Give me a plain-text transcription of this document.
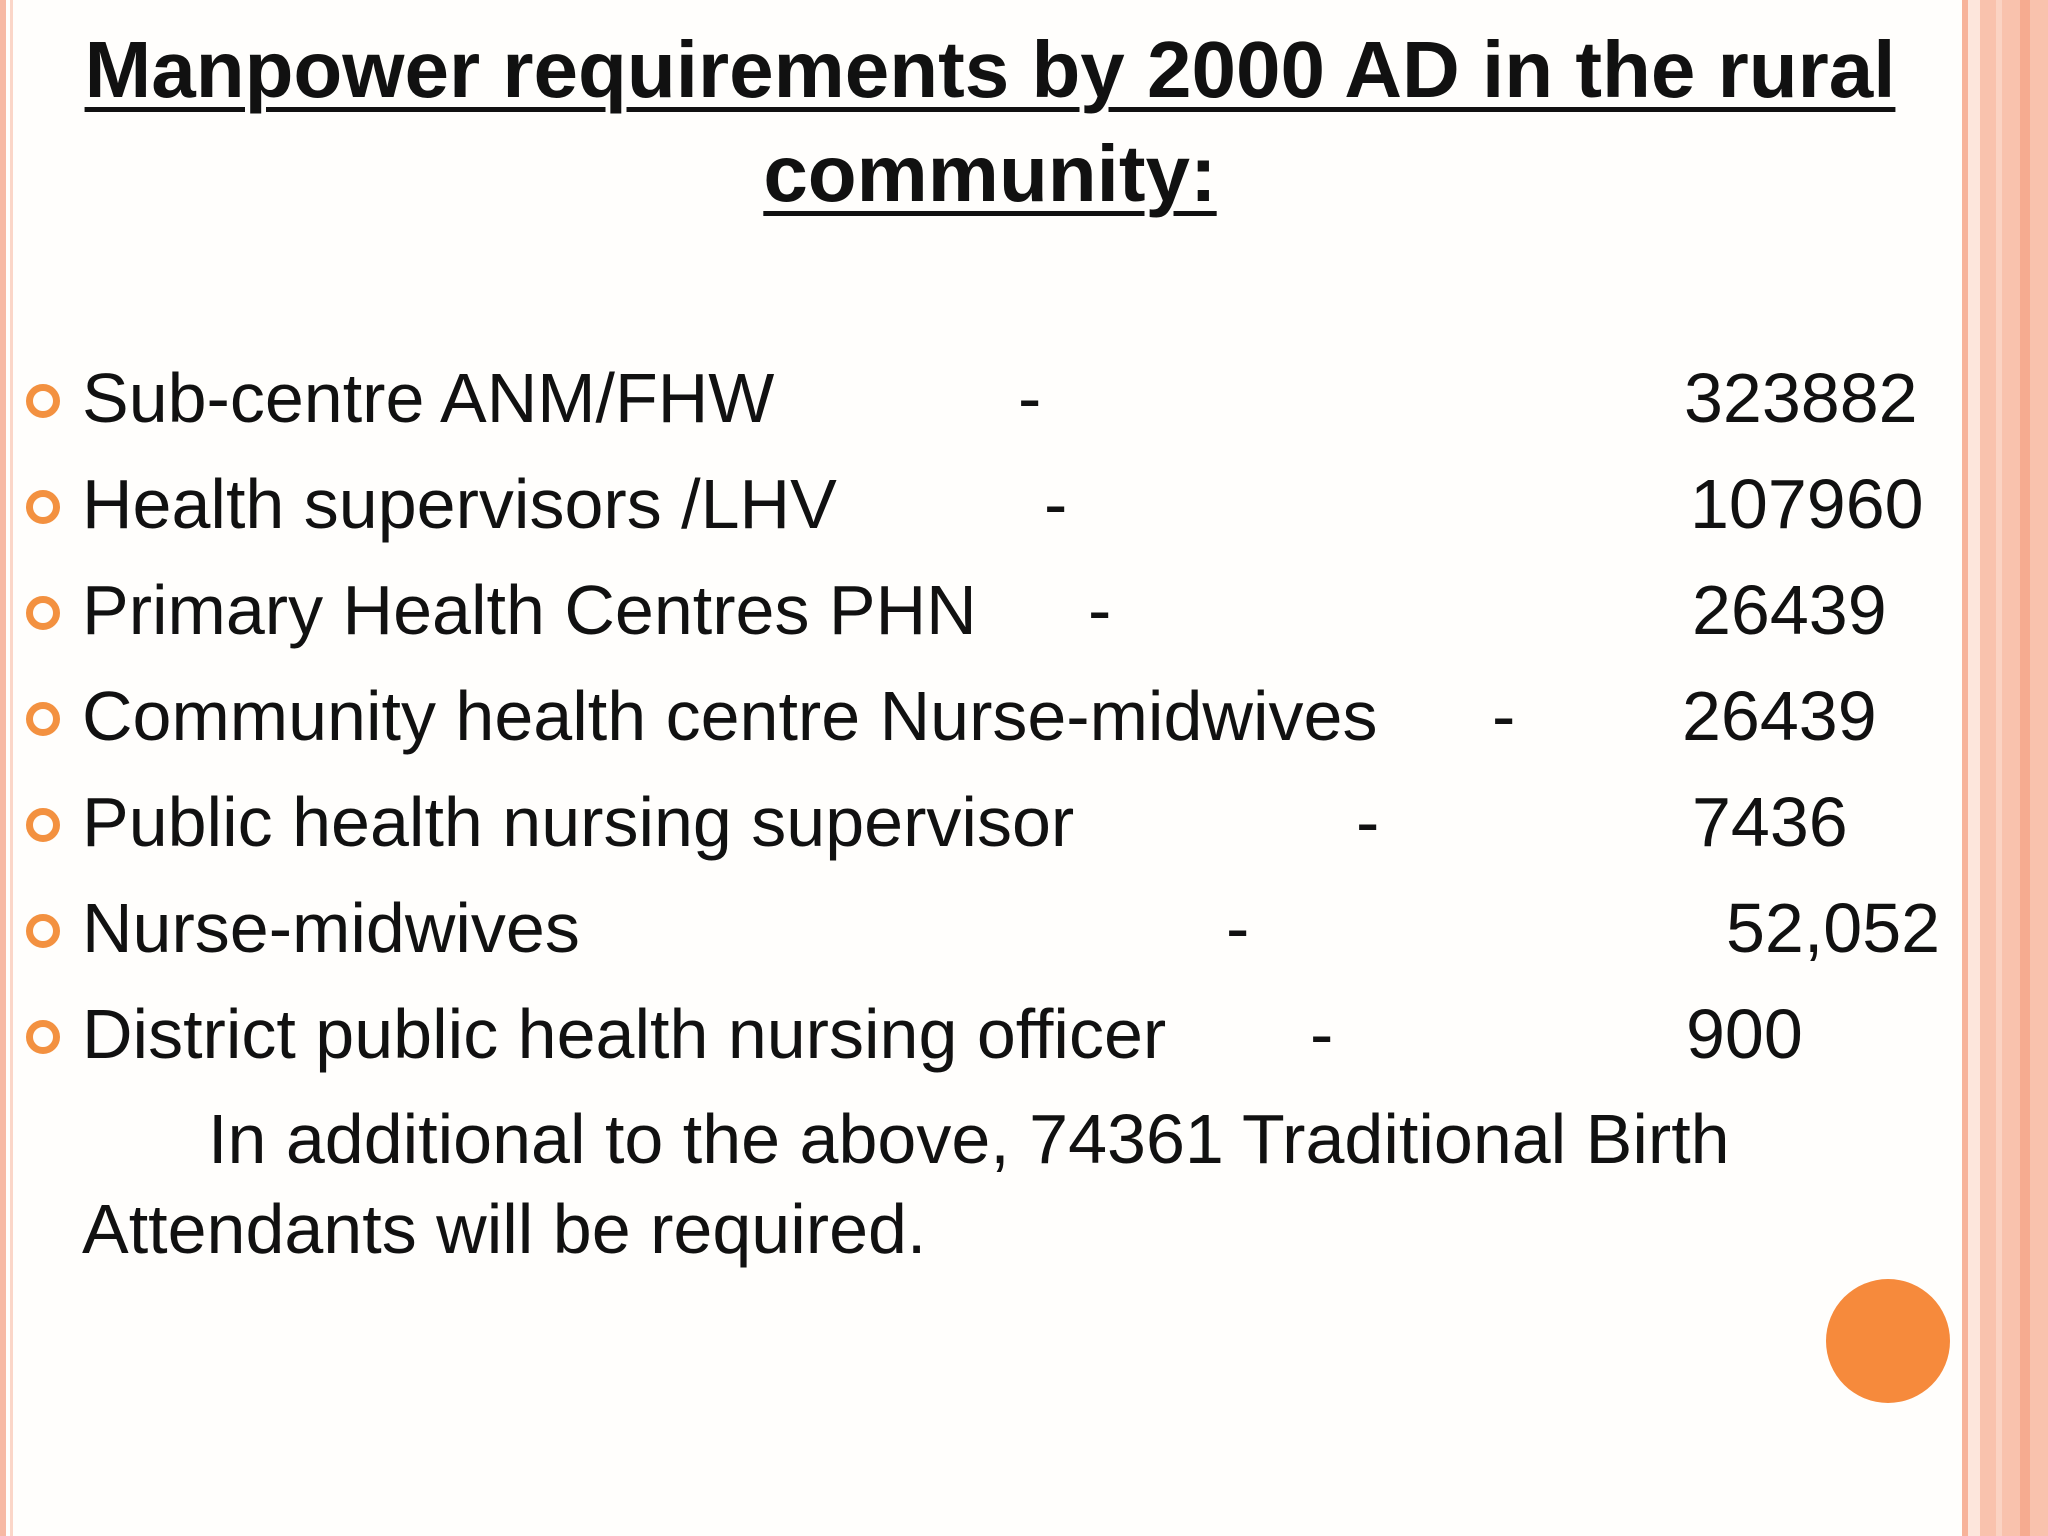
Manpower requirements by 2000 AD in the rural community:
Sub-centre ANM/FHW	-	323882
Health supervisors /LHV	-	107960
Primary Health Centres PHN -	26439
Community health centre Nurse-midwives - 26439
Public health nursing supervisor	-	7436
Nurse-midwives	-	52,052
District public health nursing officer -	900

In additional to the above, 74361 Traditional Birth Attendants will be required.
